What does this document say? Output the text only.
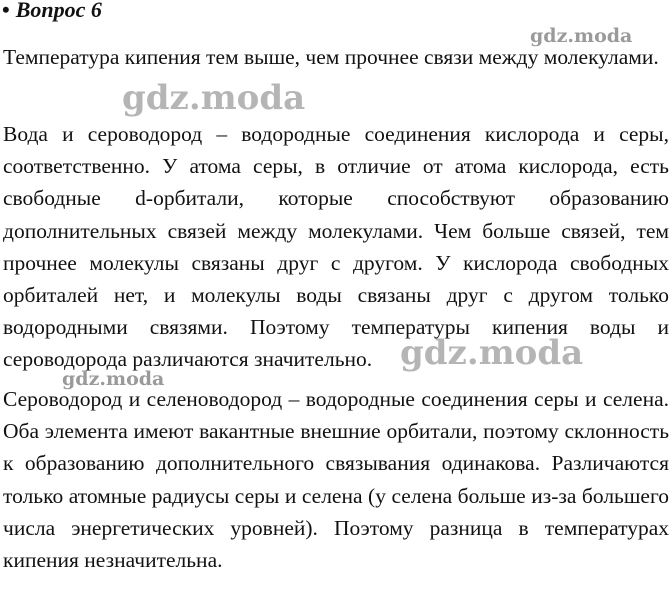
• Вопрос 6

Температура кипения тем выше, чем прочнее связи между молекулами.

Вода и сероводород – водородные соединения кислорода и серы, соответственно. У атома серы, в отличие от атома кислорода, есть свободные d-орбитали, которые способствуют образованию дополнительных связей между молекулами. Чем больше связей, тем прочнее молекулы связаны друг с другом. У кислорода свободных орбиталей нет, и молекулы воды связаны друг с другом только водородными связями. Поэтому температуры кипения воды и сероводорода различаются значительно.

Сероводород и селеноводород – водородные соединения серы и селена. Оба элемента имеют вакантные внешние орбитали, поэтому склонность к образованию дополнительного связывания одинакова. Различаются только атомные радиусы серы и селена (у селена больше из-за большего числа энергетических уровней). Поэтому разница в температурах кипения незначительна.

gdz.moda
gdz.moda
gdz.moda
gdz.moda
